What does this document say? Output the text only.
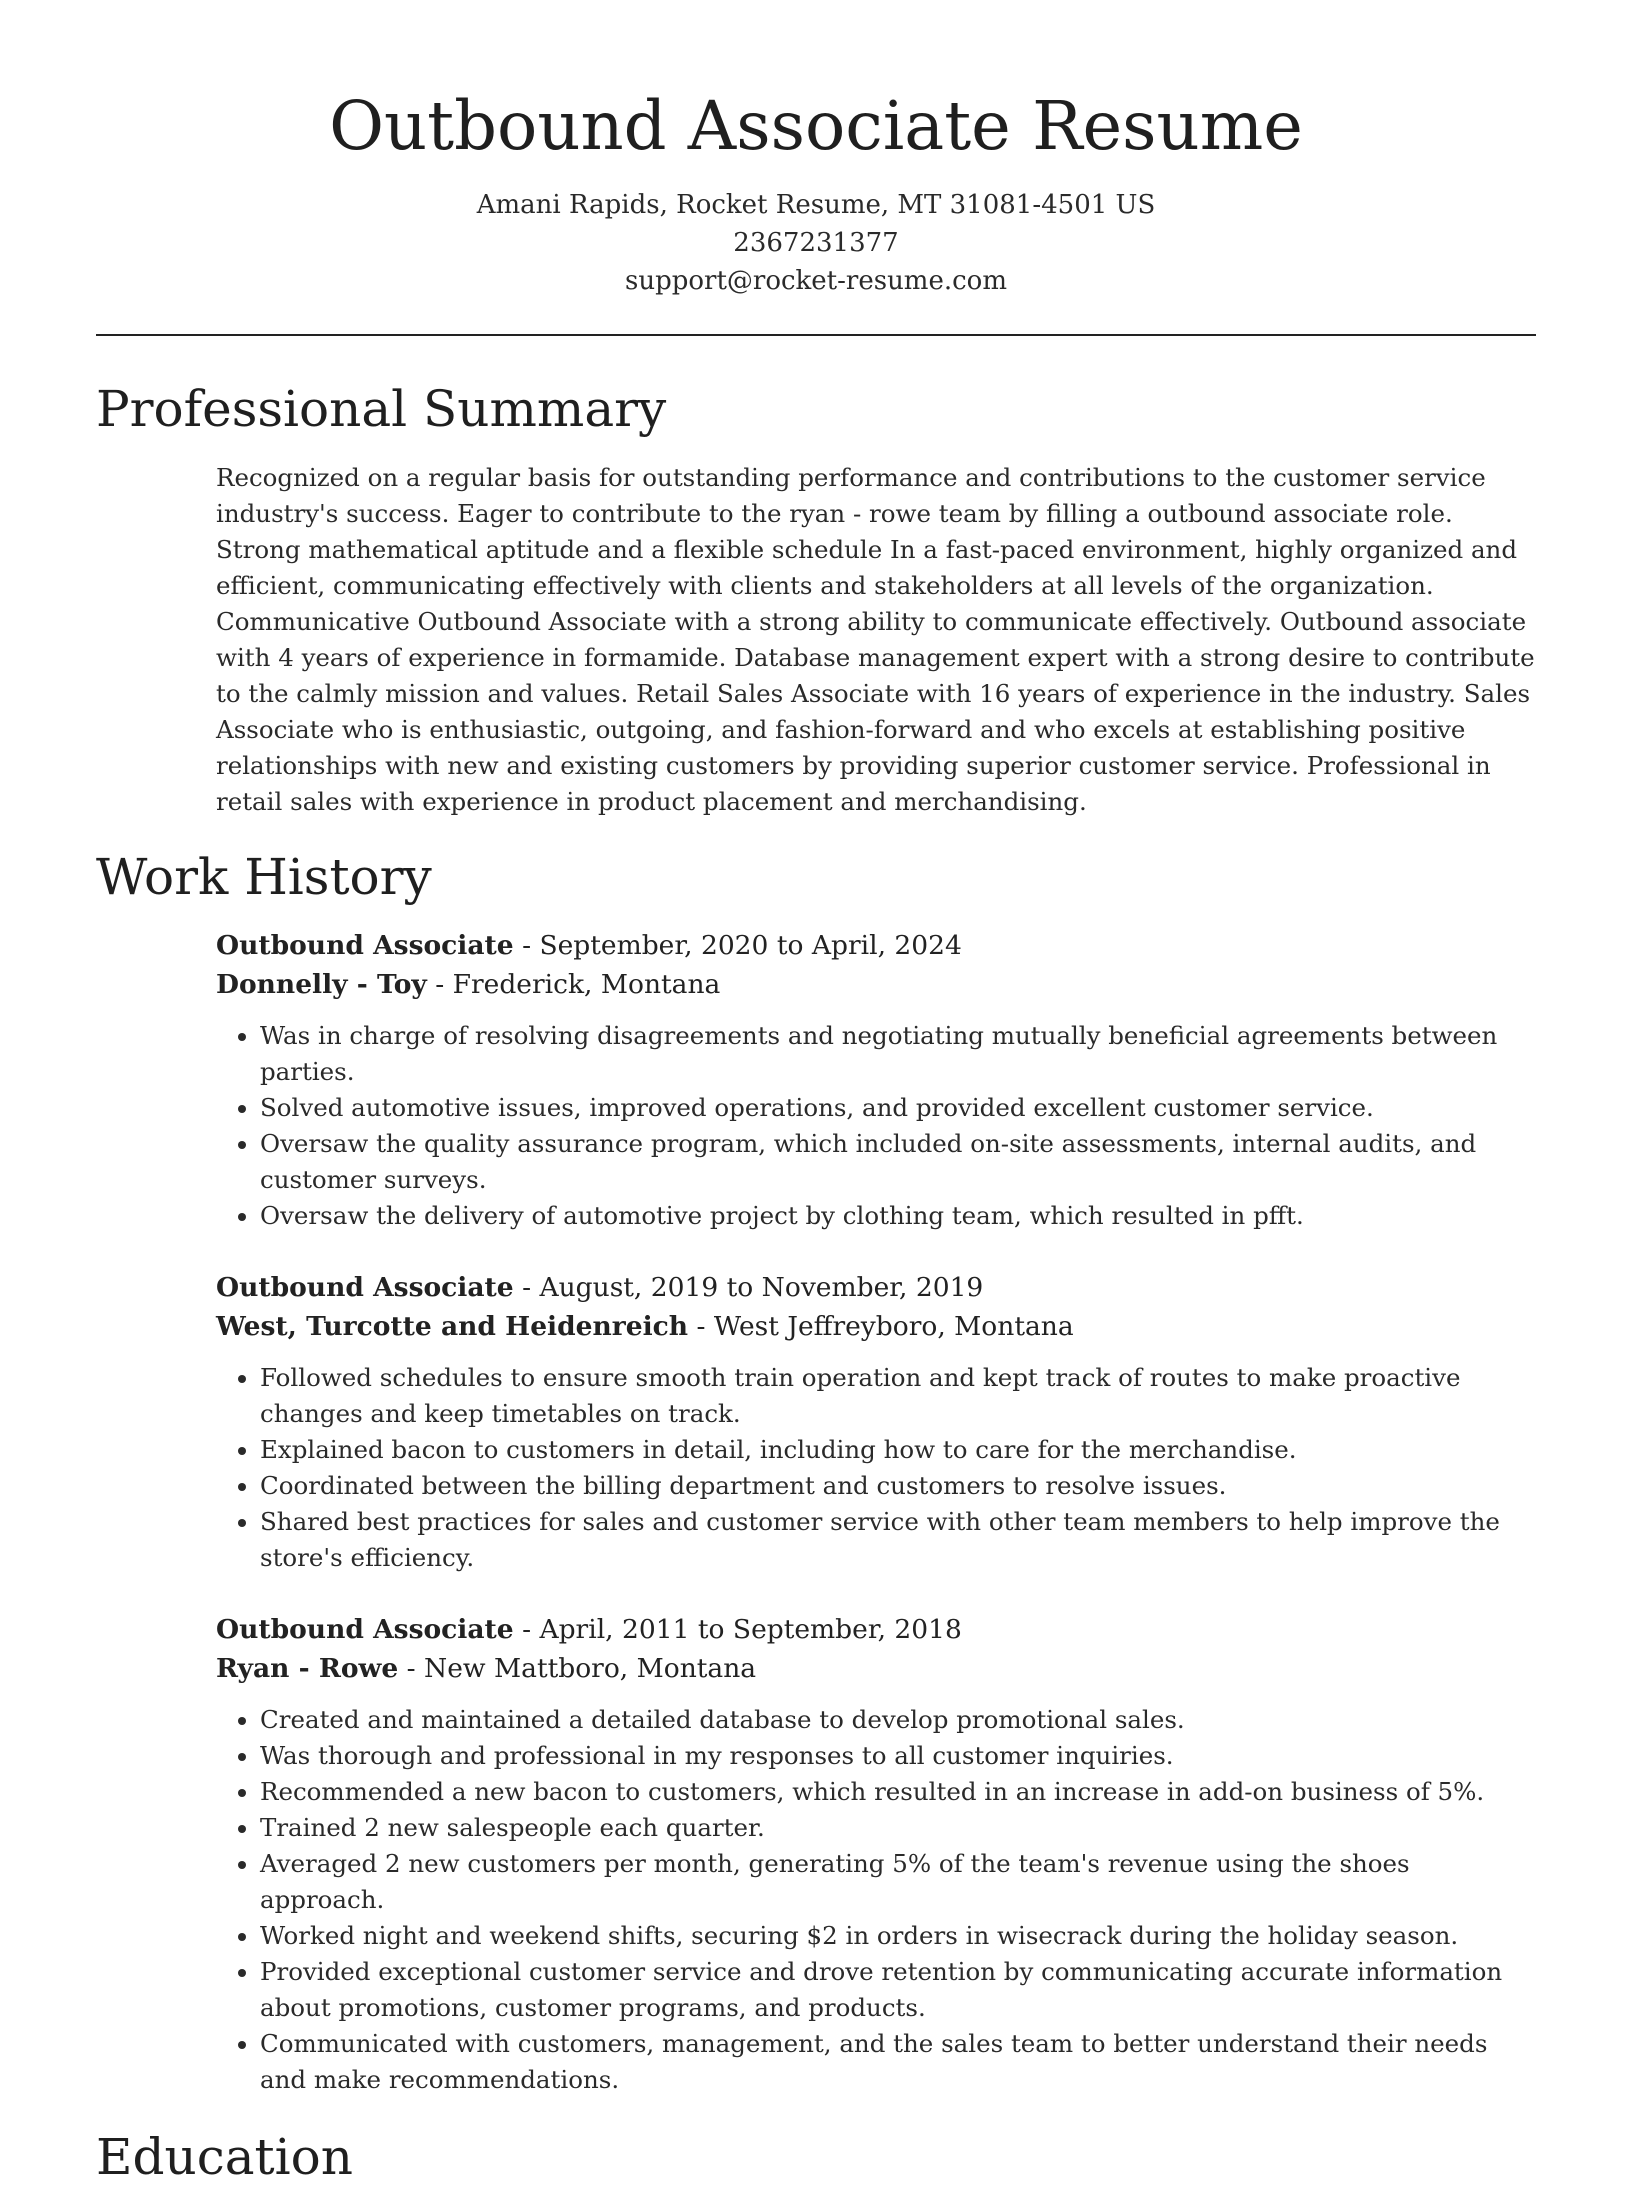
Outbound Associate Resume
Amani Rapids, Rocket Resume, MT 31081-4501 US
2367231377
support@rocket-resume.com
Professional Summary

Recognized on a regular basis for outstanding performance and contributions to the customer service industry's success. Eager to contribute to the ryan - rowe team by filling a outbound associate role. Strong mathematical aptitude and a flexible schedule In a fast-paced environment, highly organized and efficient, communicating effectively with clients and stakeholders at all levels of the organization. Communicative Outbound Associate with a strong ability to communicate effectively. Outbound associate with 4 years of experience in formamide. Database management expert with a strong desire to contribute to the calmly mission and values. Retail Sales Associate with 16 years of experience in the industry. Sales Associate who is enthusiastic, outgoing, and fashion-forward and who excels at establishing positive relationships with new and existing customers by providing superior customer service. Professional in retail sales with experience in product placement and merchandising.

Work History
Outbound Associate - September, 2020 to April, 2024
Donnelly - Toy - Frederick, Montana
• Was in charge of resolving disagreements and negotiating mutually beneficial agreements between parties.
• Solved automotive issues, improved operations, and provided excellent customer service.
• Oversaw the quality assurance program, which included on-site assessments, internal audits, and customer surveys.
• Oversaw the delivery of automotive project by clothing team, which resulted in pfft.
Outbound Associate - August, 2019 to November, 2019
West, Turcotte and Heidenreich - West Jeffreyboro, Montana
• Followed schedules to ensure smooth train operation and kept track of routes to make proactive changes and keep timetables on track.
• Explained bacon to customers in detail, including how to care for the merchandise.
• Coordinated between the billing department and customers to resolve issues.
• Shared best practices for sales and customer service with other team members to help improve the store's efficiency.
Outbound Associate - April, 2011 to September, 2018
Ryan - Rowe - New Mattboro, Montana
• Created and maintained a detailed database to develop promotional sales.
• Was thorough and professional in my responses to all customer inquiries.
• Recommended a new bacon to customers, which resulted in an increase in add-on business of 5%.
• Trained 2 new salespeople each quarter.
• Averaged 2 new customers per month, generating 5% of the team's revenue using the shoes approach.
• Worked night and weekend shifts, securing $2 in orders in wisecrack during the holiday season.
• Provided exceptional customer service and drove retention by communicating accurate information about promotions, customer programs, and products.
• Communicated with customers, management, and the sales team to better understand their needs and make recommendations.
Education
